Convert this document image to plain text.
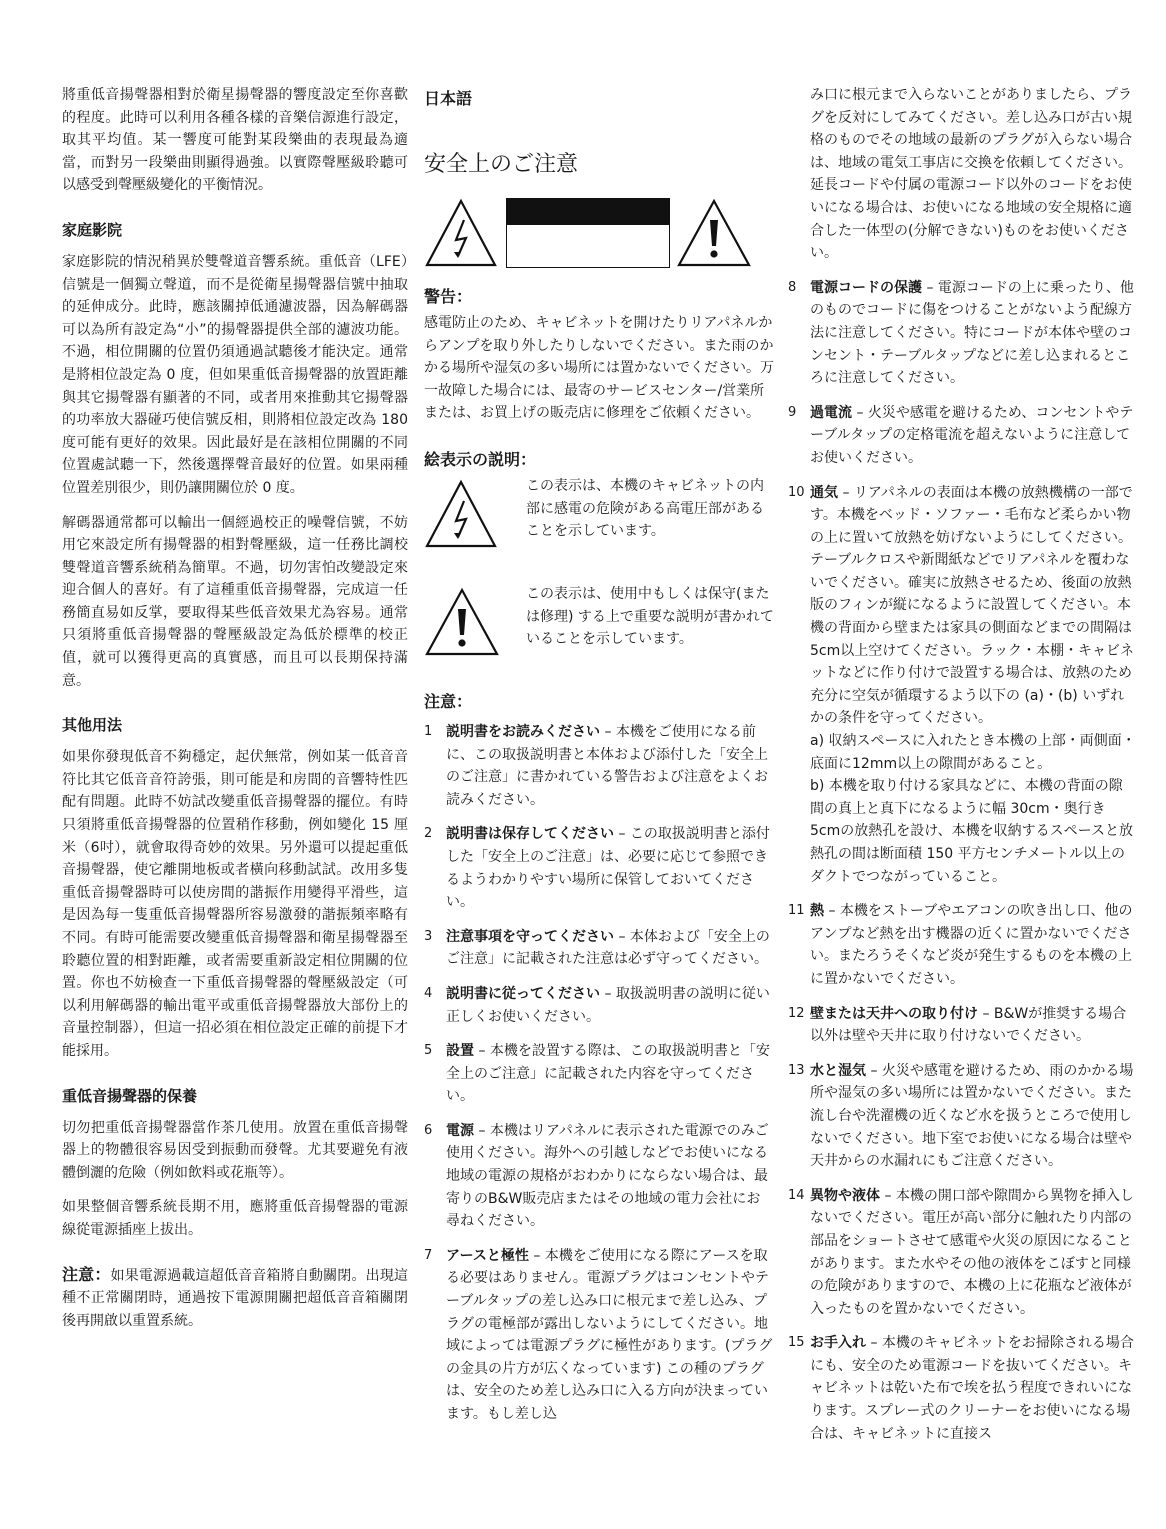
將重低音揚聲器相對於衛星揚聲器的響度設定至你喜歡的程度。此時可以利用各種各樣的音樂信源進行設定，取其平均值。某一響度可能對某段樂曲的表現最為適當，而對另一段樂曲則顯得過強。以實際聲壓級聆聽可以感受到聲壓級變化的平衡情況。

家庭影院

家庭影院的情況稍異於雙聲道音響系統。重低音（LFE）信號是一個獨立聲道，而不是從衛星揚聲器信號中抽取的延伸成分。此時，應該關掉低通濾波器，因為解碼器可以為所有設定為“小”的揚聲器提供全部的濾波功能。不過，相位開關的位置仍須通過試聽後才能決定。通常是將相位設定為 0 度，但如果重低音揚聲器的放置距離與其它揚聲器有顯著的不同，或者用來推動其它揚聲器的功率放大器碰巧使信號反相，則將相位設定改為 180 度可能有更好的效果。因此最好是在該相位開關的不同位置處試聽一下，然後選擇聲音最好的位置。如果兩種位置差別很少，則仍讓開關位於 0 度。

解碼器通常都可以輸出一個經過校正的噪聲信號，不妨用它來設定所有揚聲器的相對聲壓級，這一任務比調校雙聲道音響系統稍為簡單。不過，切勿害怕改變設定來迎合個人的喜好。有了這種重低音揚聲器，完成這一任務簡直易如反掌，要取得某些低音效果尤為容易。通常只須將重低音揚聲器的聲壓級設定為低於標準的校正值，就可以獲得更高的真實感，而且可以長期保持滿意。

其他用法

如果你發現低音不夠穩定，起伏無常，例如某一低音音符比其它低音音符誇張，則可能是和房間的音響特性匹配有問題。此時不妨試改變重低音揚聲器的擺位。有時只須將重低音揚聲器的位置稍作移動，例如變化 15 厘米（6吋），就會取得奇妙的效果。另外還可以提起重低音揚聲器，使它離開地板或者橫向移動試試。改用多隻重低音揚聲器時可以使房間的諧振作用變得平滑些，這是因為每一隻重低音揚聲器所容易激發的諧振頻率略有不同。有時可能需要改變重低音揚聲器和衛星揚聲器至聆聽位置的相對距離，或者需要重新設定相位開關的位置。你也不妨檢查一下重低音揚聲器的聲壓級設定（可以利用解碼器的輸出電平或重低音揚聲器放大部份上的音量控制器），但這一招必須在相位設定正確的前提下才能採用。

重低音揚聲器的保養

切勿把重低音揚聲器當作茶几使用。放置在重低音揚聲器上的物體很容易因受到振動而發聲。尤其要避免有液體倒灑的危險（例如飲料或花瓶等）。

如果整個音響系統長期不用，應將重低音揚聲器的電源線從電源插座上拔出。

注意：如果電源過載這超低音音箱將自動關閉。出現這種不正常關閉時，通過按下電源開關把超低音音箱關閉後再開啟以重置系統。

日本語
安全上のご注意
警告：

感電防止のため、キャビネットを開けたりリアパネルからアンプを取り外したりしないでください。また雨のかかる場所や湿気の多い場所には置かないでください。万一故障した場合には、最寄のサービスセンター/営業所または、お買上げの販売店に修理をご依頼ください。

絵表示の説明：

この表示は、本機のキャビネットの内部に感電の危険がある高電圧部があることを示しています。

この表示は、使用中もしくは保守(または修理) する上で重要な説明が書かれていることを示しています。

注意：
1 説明書をお読みください – 本機をご使用になる前に、この取扱説明書と本体および添付した「安全上のご注意」に書かれている警告および注意をよくお読みください。
2 説明書は保存してください – この取扱説明書と添付した「安全上のご注意」は、必要に応じて参照できるようわかりやすい場所に保管しておいてください。
3 注意事項を守ってください – 本体および「安全上のご注意」に記載された注意は必ず守ってください。
4 説明書に従ってください – 取扱説明書の説明に従い正しくお使いください。
5 設置 – 本機を設置する際は、この取扱説明書と「安全上のご注意」に記載された内容を守ってください。
6 電源 – 本機はリアパネルに表示された電源でのみご使用ください。海外への引越しなどでお使いになる地域の電源の規格がおわかりにならない場合は、最寄りのB&W販売店またはその地域の電力会社にお尋ねください。
7 アースと極性 – 本機をご使用になる際にアースを取る必要はありません。電源プラグはコンセントやテーブルタップの差し込み口に根元まで差し込み、プラグの電極部が露出しないようにしてください。地域によっては電源プラグに極性があります。(プラグの金具の片方が広くなっています) この種のプラグは、安全のため差し込み口に入る方向が決まっています。もし差し込

み口に根元まで入らないことがありましたら、プラグを反対にしてみてください。差し込み口が古い規格のものでその地域の最新のプラグが入らない場合は、地域の電気工事店に交換を依頼してください。延長コードや付属の電源コード以外のコードをお使いになる場合は、お使いになる地域の安全規格に適合した一体型の(分解できない)ものをお使いください。

8 電源コードの保護 – 電源コードの上に乗ったり、他のものでコードに傷をつけることがないよう配線方法に注意してください。特にコードが本体や壁のコンセント・テーブルタップなどに差し込まれるところに注意してください。
9 過電流 – 火災や感電を避けるため、コンセントやテーブルタップの定格電流を超えないように注意してお使いください。
10 通気 – リアパネルの表面は本機の放熱機構の一部です。本機をベッド・ソファー・毛布など柔らかい物の上に置いて放熱を妨げないようにしてください。テーブルクロスや新聞紙などでリアパネルを覆わないでください。確実に放熱させるため、後面の放熱版のフィンが縦になるように設置してください。本機の背面から壁または家具の側面などまでの間隔は5cm以上空けてください。ラック・本棚・キャビネットなどに作り付けで設置する場合は、放熱のため充分に空気が循環するよう以下の (a)・(b) いずれかの条件を守ってください。
a) 収納スペースに入れたとき本機の上部・両側面・底面に12mm以上の隙間があること。
b) 本機を取り付ける家具などに、本機の背面の隙間の真上と真下になるように幅 30cm・奥行き 5cmの放熱孔を設け、本機を収納するスペースと放熱孔の間は断面積 150 平方センチメートル以上のダクトでつながっていること。
11 熱 – 本機をストーブやエアコンの吹き出し口、他のアンプなど熱を出す機器の近くに置かないでください。またろうそくなど炎が発生するものを本機の上に置かないでください。
12 壁または天井への取り付け – B&Wが推奨する場合以外は壁や天井に取り付けないでください。
13 水と湿気 – 火災や感電を避けるため、雨のかかる場所や湿気の多い場所には置かないでください。また流し台や洗濯機の近くなど水を扱うところで使用しないでください。地下室でお使いになる場合は壁や天井からの水漏れにもご注意ください。
14 異物や液体 – 本機の開口部や隙間から異物を挿入しないでください。電圧が高い部分に触れたり内部の部品をショートさせて感電や火災の原因になることがあります。また水やその他の液体をこぼすと同様の危険がありますので、本機の上に花瓶など液体が入ったものを置かないでください。
15 お手入れ – 本機のキャビネットをお掃除される場合にも、安全のため電源コードを抜いてください。キャビネットは乾いた布で埃を払う程度できれいになります。スプレー式のクリーナーをお使いになる場合は、キャビネットに直接ス
